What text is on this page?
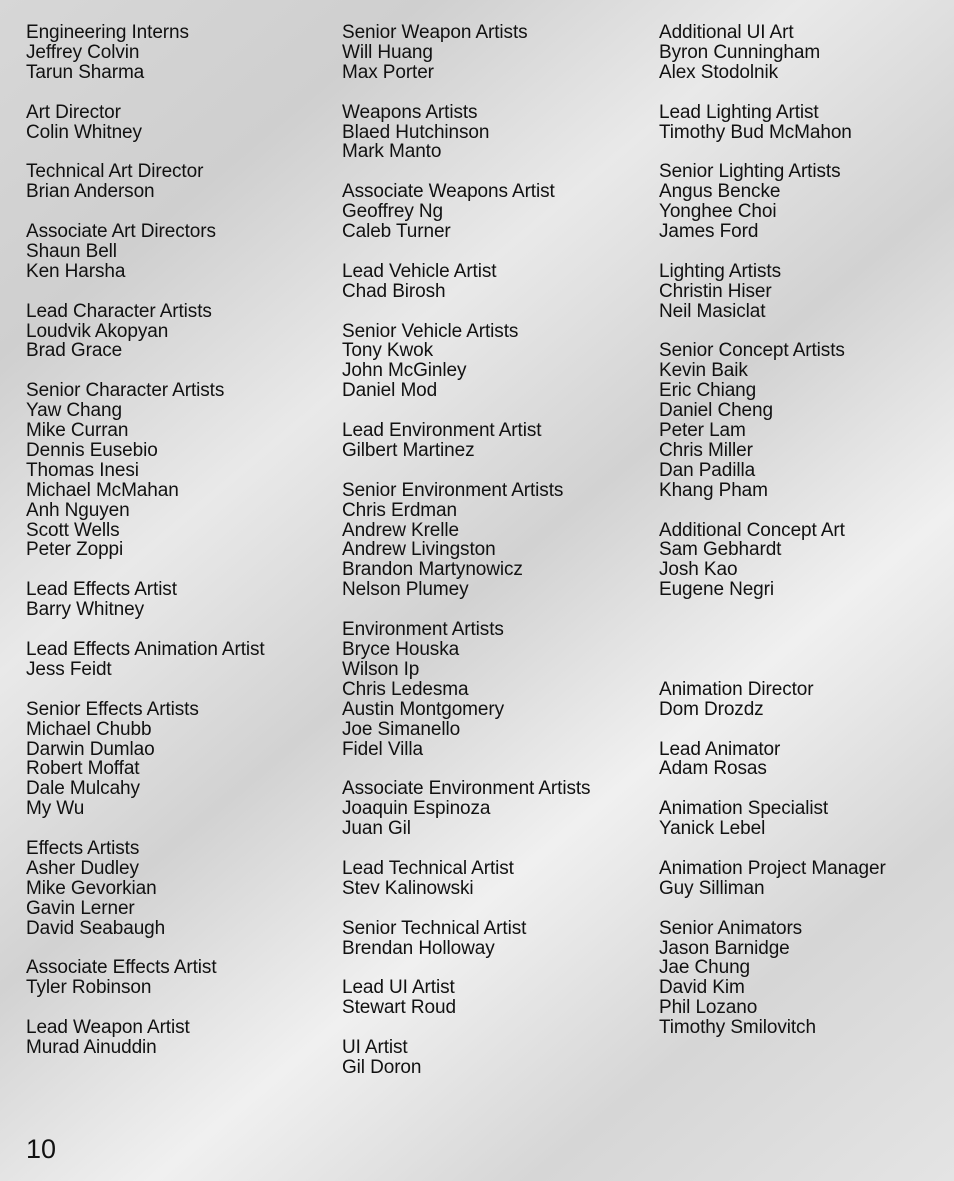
Engineering Interns
Jeffrey Colvin
Tarun Sharma
Art Director
Colin Whitney
Technical Art Director
Brian Anderson
Associate Art Directors
Shaun Bell
Ken Harsha
Lead Character Artists
Loudvik Akopyan
Brad Grace
Senior Character Artists
Yaw Chang
Mike Curran
Dennis Eusebio
Thomas Inesi
Michael McMahan
Anh Nguyen
Scott Wells
Peter Zoppi
Lead Effects Artist
Barry Whitney
Lead Effects Animation Artist
Jess Feidt
Senior Effects Artists
Michael Chubb
Darwin Dumlao
Robert Moffat
Dale Mulcahy
My Wu
Effects Artists
Asher Dudley
Mike Gevorkian
Gavin Lerner
David Seabaugh
Associate Effects Artist
Tyler Robinson
Lead Weapon Artist
Murad Ainuddin
Senior Weapon Artists
Will Huang
Max Porter
Weapons Artists
Blaed Hutchinson
Mark Manto
Associate Weapons Artist
Geoffrey Ng
Caleb Turner
Lead Vehicle Artist
Chad Birosh
Senior Vehicle Artists
Tony Kwok
John McGinley
Daniel Mod
Lead Environment Artist
Gilbert Martinez
Senior Environment Artists
Chris Erdman
Andrew Krelle
Andrew Livingston
Brandon Martynowicz
Nelson Plumey
Environment Artists
Bryce Houska
Wilson Ip
Chris Ledesma
Austin Montgomery
Joe Simanello
Fidel Villa
Associate Environment Artists
Joaquin Espinoza
Juan Gil
Lead Technical Artist
Stev Kalinowski
Senior Technical Artist
Brendan Holloway
Lead UI Artist
Stewart Roud
UI Artist
Gil Doron
Additional UI Art
Byron Cunningham
Alex Stodolnik
Lead Lighting Artist
Timothy Bud McMahon
Senior Lighting Artists
Angus Bencke
Yonghee Choi
James Ford
Lighting Artists
Christin Hiser
Neil Masiclat
Senior Concept Artists
Kevin Baik
Eric Chiang
Daniel Cheng
Peter Lam
Chris Miller
Dan Padilla
Khang Pham
Additional Concept Art
Sam Gebhardt
Josh Kao
Eugene Negri
Animation Director
Dom Drozdz
Lead Animator
Adam Rosas
Animation Specialist
Yanick Lebel
Animation Project Manager
Guy Silliman
Senior Animators
Jason Barnidge
Jae Chung
David Kim
Phil Lozano
Timothy Smilovitch
10
